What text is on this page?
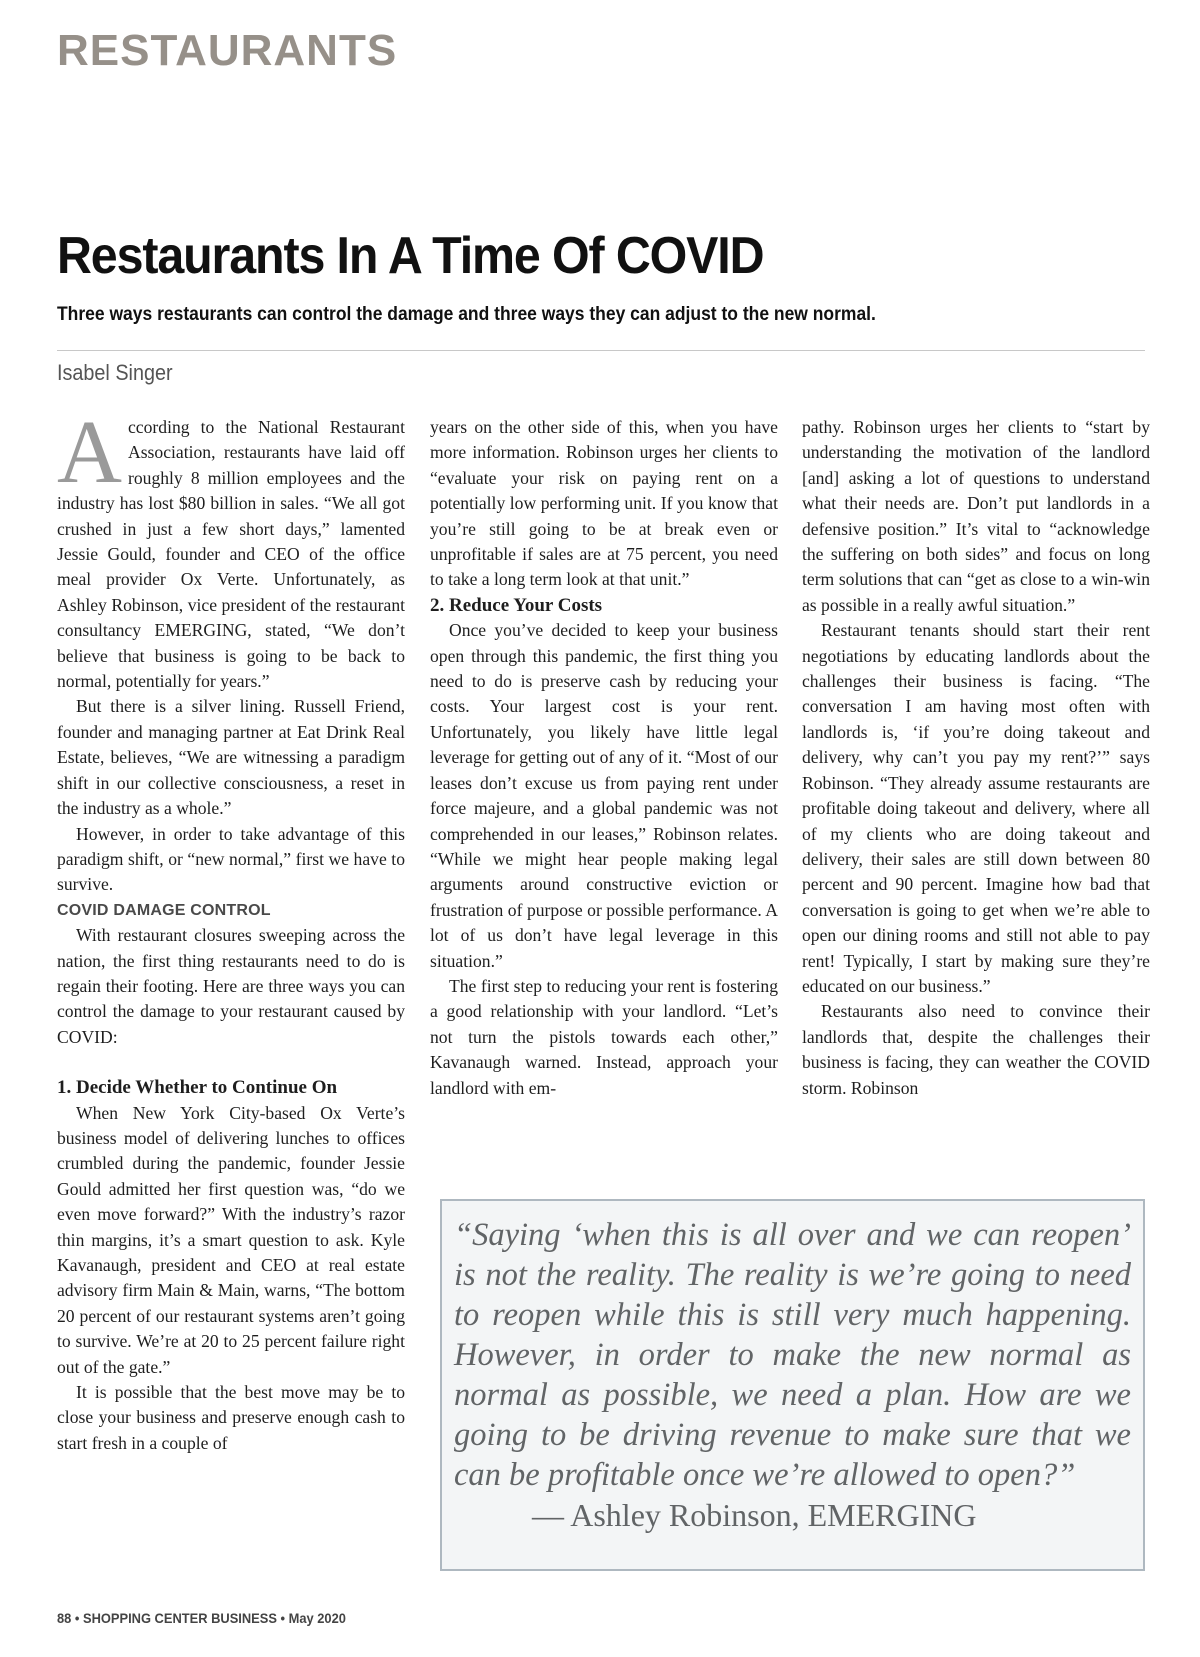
RESTAURANTS
Restaurants In A Time Of COVID
Three ways restaurants can control the damage and three ways they can adjust to the new normal.
Isabel Singer

According to the National Restaurant Association, restaurants have laid off roughly 8 million employees and the industry has lost $80 billion in sales. “We all got crushed in just a few short days,” lamented Jessie Gould, founder and CEO of the office meal provider Ox Verte. Unfortunately, as Ashley Robinson, vice president of the restaurant consultancy EMERGING, stated, “We don’t believe that business is going to be back to normal, potentially for years.”

But there is a silver lining. Russell Friend, founder and managing partner at Eat Drink Real Estate, believes, “We are witnessing a paradigm shift in our collective consciousness, a reset in the industry as a whole.”

However, in order to take advantage of this paradigm shift, or “new normal,” first we have to survive.

COVID DAMAGE CONTROL

With restaurant closures sweeping across the nation, the first thing restaurants need to do is regain their footing. Here are three ways you can control the damage to your restaurant caused by COVID:

1. Decide Whether to Continue On

When New York City-based Ox Verte’s business model of delivering lunches to offices crumbled during the pandemic, founder Jessie Gould admitted her first question was, “do we even move forward?” With the industry’s razor thin margins, it’s a smart question to ask. Kyle Kavanaugh, president and CEO at real estate advisory firm Main & Main, warns, “The bottom 20 percent of our restaurant systems aren’t going to survive. We’re at 20 to 25 percent failure right out of the gate.”

It is possible that the best move may be to close your business and preserve enough cash to start fresh in a couple of

years on the other side of this, when you have more information. Robinson urges her clients to “evaluate your risk on paying rent on a potentially low performing unit. If you know that you’re still going to be at break even or unprofitable if sales are at 75 percent, you need to take a long term look at that unit.”

2. Reduce Your Costs

Once you’ve decided to keep your business open through this pandemic, the first thing you need to do is preserve cash by reducing your costs. Your largest cost is your rent. Unfortunately, you likely have little legal leverage for getting out of any of it. “Most of our leases don’t excuse us from paying rent under force majeure, and a global pandemic was not comprehended in our leases,” Robinson relates. “While we might hear people making legal arguments around constructive eviction or frustration of purpose or possible performance. A lot of us don’t have legal leverage in this situation.”

The first step to reducing your rent is fostering a good relationship with your landlord. “Let’s not turn the pistols towards each other,” Kavanaugh warned. Instead, approach your landlord with em-

pathy. Robinson urges her clients to “start by understanding the motivation of the landlord [and] asking a lot of questions to understand what their needs are. Don’t put landlords in a defensive position.” It’s vital to “acknowledge the suffering on both sides” and focus on long term solutions that can “get as close to a win-win as possible in a really awful situation.”

Restaurant tenants should start their rent negotiations by educating landlords about the challenges their business is facing. “The conversation I am having most often with landlords is, ‘if you’re doing takeout and delivery, why can’t you pay my rent?’” says Robinson. “They already assume restaurants are profitable doing takeout and delivery, where all of my clients who are doing takeout and delivery, their sales are still down between 80 percent and 90 percent. Imagine how bad that conversation is going to get when we’re able to open our dining rooms and still not able to pay rent! Typically, I start by making sure they’re educated on our business.”

Restaurants also need to convince their landlords that, despite the challenges their business is facing, they can weather the COVID storm. Robinson

“Saying ‘when this is all over and we can reopen’ is not the reality. The reality is we’re going to need to reopen while this is still very much happening. However, in order to make the new normal as normal as possible, we need a plan. How are we going to be driving revenue to make sure that we can be profitable once we’re allowed to open?”
— Ashley Robinson, EMERGING
88 • SHOPPING CENTER BUSINESS • May 2020
